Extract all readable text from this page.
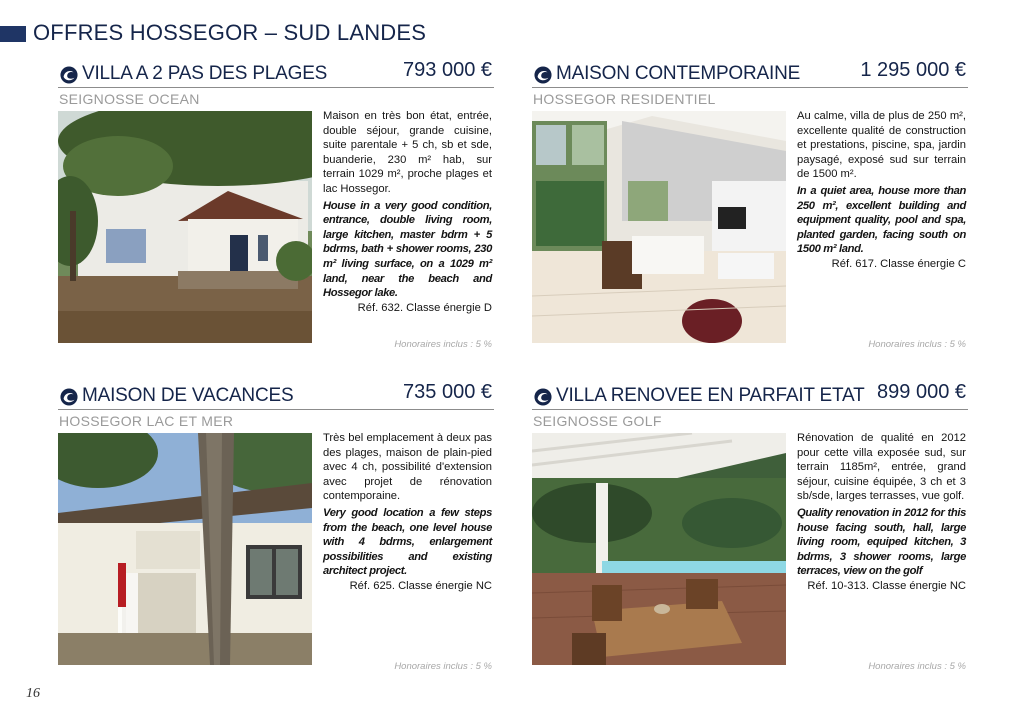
OFFRES HOSSEGOR – SUD LANDES
VILLA A 2 PAS DES PLAGES	793 000 €
SEIGNOSSE OCEAN
Maison en très bon état, entrée, double séjour, grande cuisine, suite parentale + 5 ch, sb et sde, buanderie, 230 m² hab, sur terrain 1029 m², proche plages et lac Hossegor.
House in a very good condition, entrance, double living room, large kitchen, master bdrm + 5 bdrms, bath + shower rooms, 230 m² living surface, on a 1029 m² land, near the beach and Hossegor lake.
Réf. 632. Classe énergie D
Honoraires inclus : 5 %
MAISON CONTEMPORAINE	1 295 000 €
HOSSEGOR RESIDENTIEL
Au calme, villa de plus de 250 m², excellente qualité de construction et prestations, piscine, spa, jardin paysagé, exposé sud sur terrain de 1500 m².
In a quiet area, house more than 250 m², excellent building and equipment quality, pool and spa, planted garden, facing south on 1500 m² land.
Réf. 617. Classe énergie C
Honoraires inclus : 5 %
MAISON DE VACANCES	735 000 €
HOSSEGOR LAC ET MER
Très bel emplacement à deux pas des plages, maison de plain-pied avec 4 ch, possibilité d'extension avec projet de rénovation contemporaine.
Very good location a few steps from the beach, one level house with 4 bdrms, enlargement possibilities and existing architect project.
Réf. 625. Classe énergie NC
Honoraires inclus : 5 %
VILLA RENOVEE EN PARFAIT ETAT 899 000 €
SEIGNOSSE GOLF
Rénovation de qualité en 2012 pour cette villa exposée sud, sur terrain 1185m², entrée, grand séjour, cuisine équipée, 3 ch et 3 sb/sde, larges terrasses, vue golf.
Quality renovation in 2012 for this house facing south, hall, large living room, equiped kitchen, 3 bdrms, 3 shower rooms, large terraces, view on the golf
Réf. 10-313. Classe énergie NC
Honoraires inclus : 5 %
16
